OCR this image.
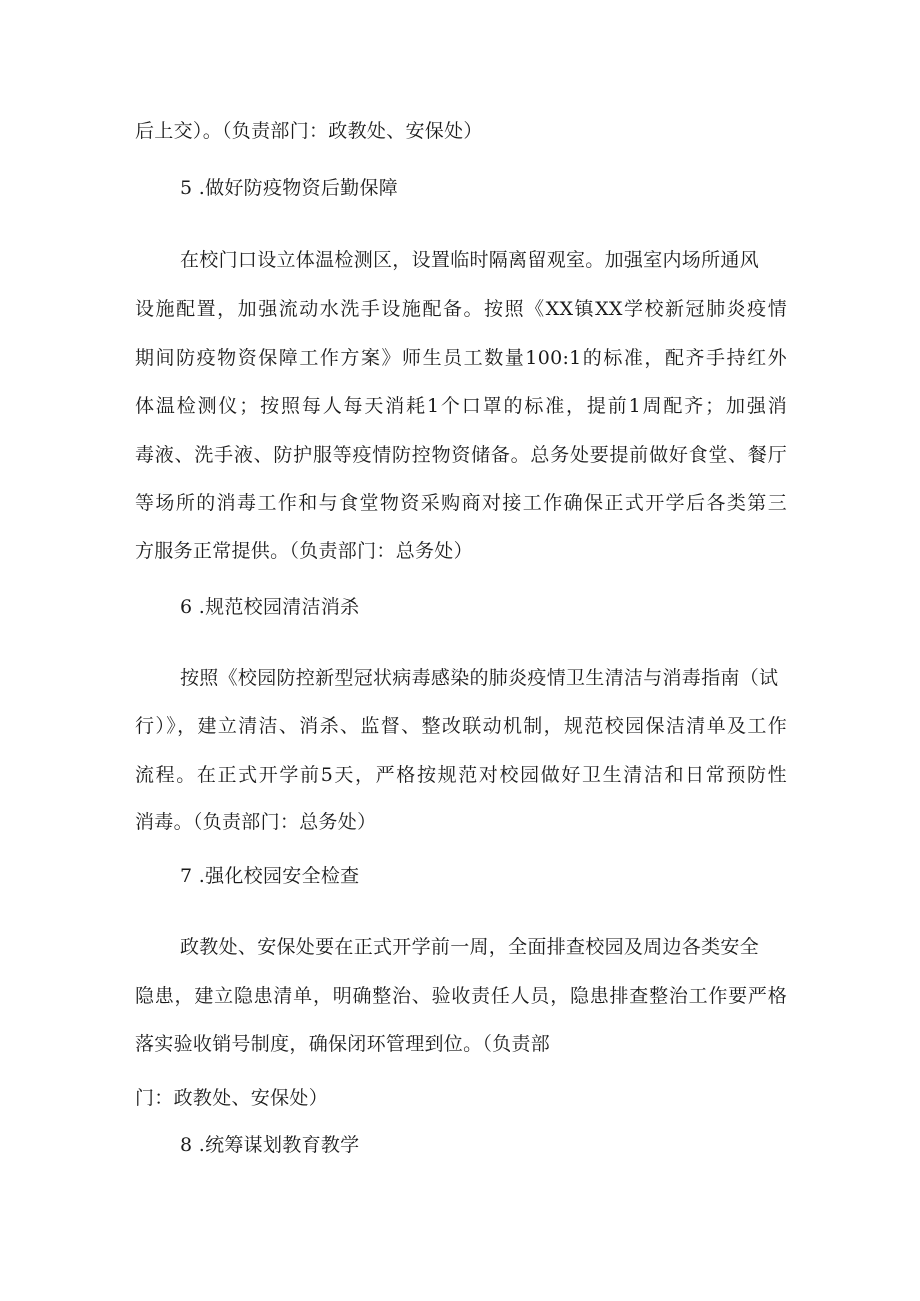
后上交）。（负责部门：政教处、安保处）
5 .做好防疫物资后勤保障
在校门口设立体温检测区，设置临时隔离留观室。加强室内场所通风
设施配置，加强流动水洗手设施配备。按照《XX镇XX学校新冠肺炎疫情
期间防疫物资保障工作方案》师生员工数量100:1的标准，配齐手持红外
体温检测仪；按照每人每天消耗1个口罩的标准，提前1周配齐；加强消
毒液、洗手液、防护服等疫情防控物资储备。总务处要提前做好食堂、餐厅
等场所的消毒工作和与食堂物资采购商对接工作确保正式开学后各类第三
方服务正常提供。（负责部门：总务处）
6 .规范校园清洁消杀
按照《校园防控新型冠状病毒感染的肺炎疫情卫生清洁与消毒指南（试
行）》，建立清洁、消杀、监督、整改联动机制，规范校园保洁清单及工作
流程。在正式开学前5天，严格按规范对校园做好卫生清洁和日常预防性
消毒。（负责部门：总务处）
7 .强化校园安全检查
政教处、安保处要在正式开学前一周，全面排查校园及周边各类安全
隐患，建立隐患清单，明确整治、验收责任人员，隐患排查整治工作要严格
落实验收销号制度，确保闭环管理到位。（负责部
门：政教处、安保处）
8 .统筹谋划教育教学
